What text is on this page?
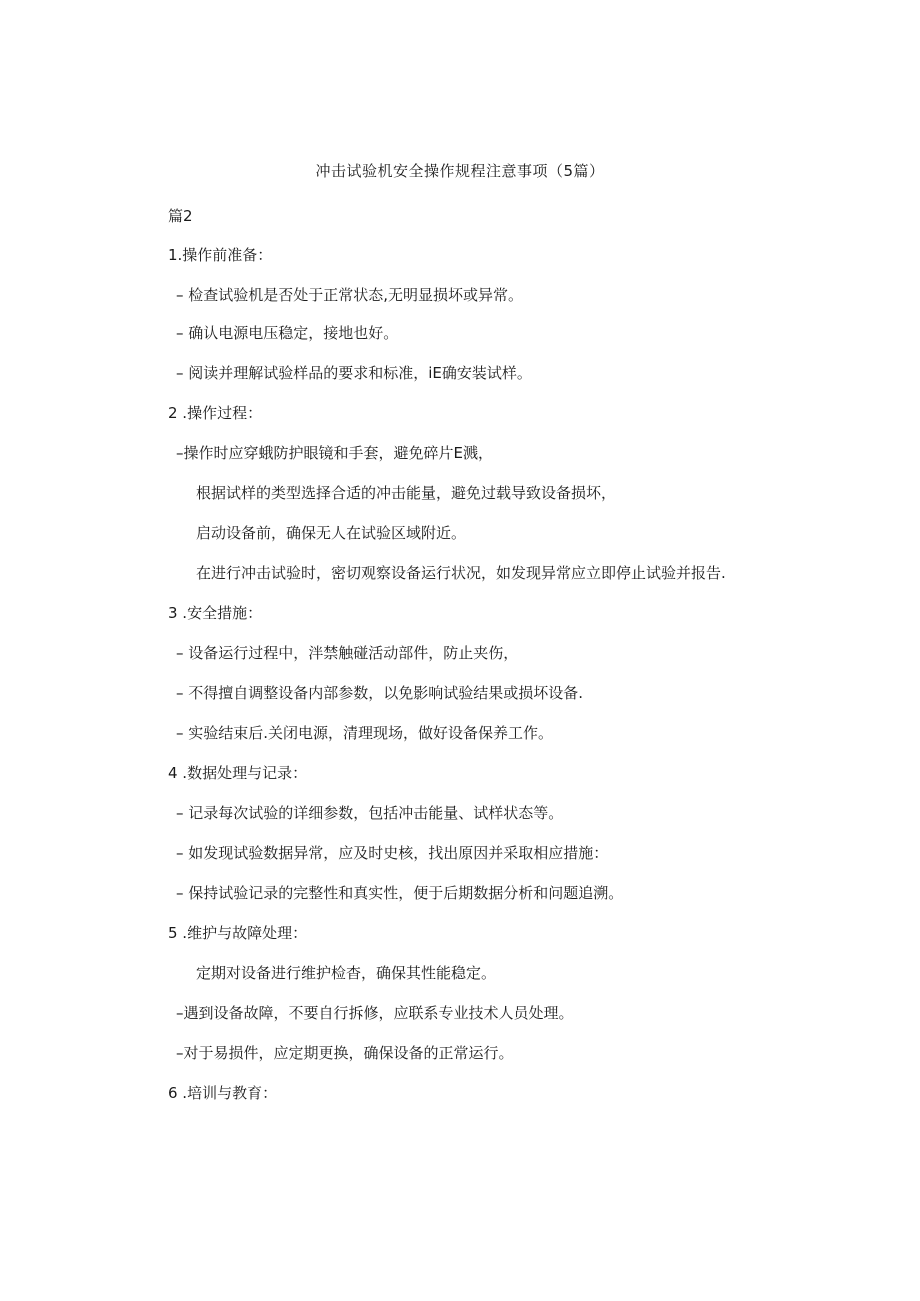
冲击试验机安全操作规程注意事项（5篇）
篇2
1.操作前准备：
– 检查试验机是否处于正常状态,无明显损坏或异常。
– 确认电源电压稳定，接地也好。
– 阅读并理解试验样品的要求和标准，iE确安装试样。
2 .操作过程：
–操作时应穿蛾防护眼镜和手套，避免碎片E溅，
根据试样的类型选择合适的冲击能量，避免过载导致设备损坏，
启动设备前，确保无人在试验区域附近。
在进行冲击试验时，密切观察设备运行状况，如发现异常应立即停止试验并报告.
3 .安全措施：
– 设备运行过程中，泮禁触碰活动部件，防止夹伤，
– 不得擅自调整设备内部参数，以免影响试验结果或损坏设备.
– 实验结束后.关闭电源，清理现场，做好设备保养工作。
4 .数据处理与记录：
– 记录每次试验的详细参数，包括冲击能量、试样状态等。
– 如发现试验数据异常，应及时史核，找出原因并采取相应措施：
– 保持试验记录的完整性和真实性，便于后期数据分析和问题追溯。
5 .维护与故障处理：
定期对设备进行维护检杳，确保其性能稳定。
–遇到设备故障，不要自行拆修，应联系专业技术人员处理。
–对于易损件，应定期更换，确保设备的正常运行。
6 .培训与教育：
